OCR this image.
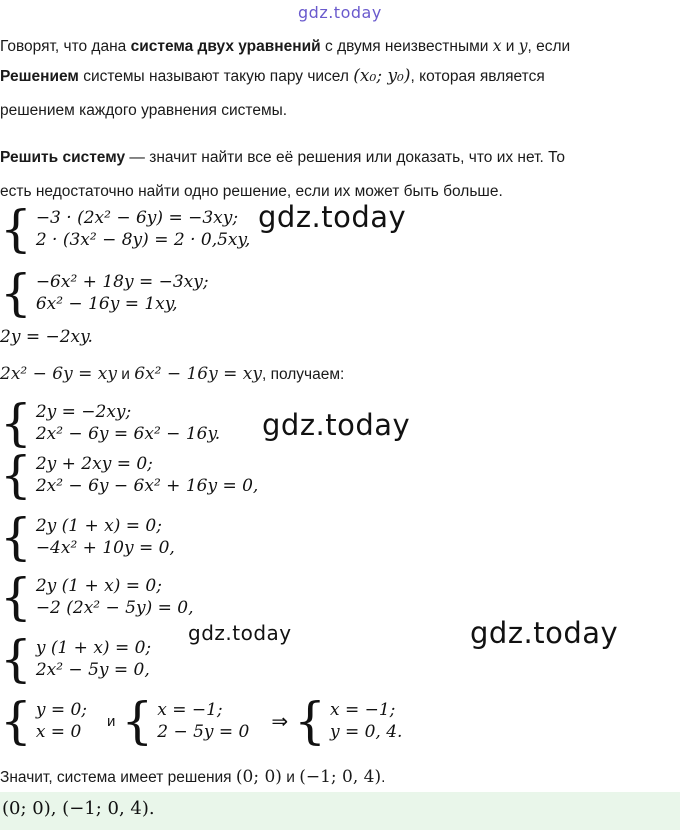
gdz.today
Говорят, что дана система двух уравнений с двумя неизвестными x и y, если
Решением системы называют такую пару чисел (x₀; y₀), которая является
решением каждого уравнения системы.
Решить систему — значит найти все её решения или доказать, что их нет. То
есть недостаточно найти одно решение, если их может быть больше.
{ −3 · (2x² − 6y) = −3xy;
2 · (3x² − 8y) = 2 · 0,5xy,
gdz.today
{ −6x² + 18y = −3xy;
6x² − 16y = 1xy,
2y = −2xy.
2x² − 6y = xy и 6x² − 16y = xy, получаем:
{ 2y = −2xy;
2x² − 6y = 6x² − 16y. gdz.today
{ 2y + 2xy = 0;
2x² − 6y − 6x² + 16y = 0,
{ 2y (1 + x) = 0;
−4x² + 10y = 0,
{ 2y (1 + x) = 0;
−2 (2x² − 5y) = 0,
gdz.today	gdz.today
{ y (1 + x) = 0;
2x² − 5y = 0,
{ y = 0;
x = 0
и { x = −1;
2 − 5y = 0 ⇒ { x = −1;
y = 0, 4.
Значит, система имеет решения (0; 0) и (−1; 0, 4).
(0; 0), (−1; 0, 4).
